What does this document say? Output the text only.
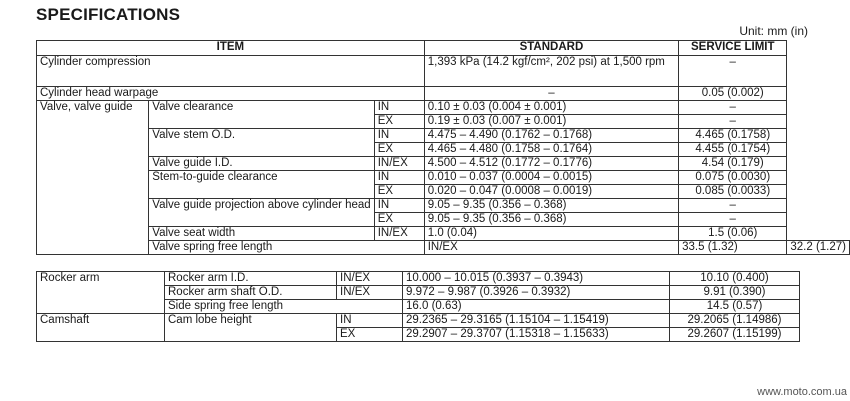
SPECIFICATIONS
Unit: mm (in)
ITEM			STANDARD	SERVICE LIMIT	
Cylinder compression			1,393 kPa (14.2 kgf/cm², 202 psi) at 1,500 rpm	–	
Cylinder head warpage			–	0.05 (0.002)	
Valve, valve guide	Valve clearance	IN	0.10 ± 0.03 (0.004 ± 0.001)	–	
		EX	0.19 ± 0.03 (0.007 ± 0.001)	–	
	Valve stem O.D.	IN	4.475 – 4.490 (0.1762 – 0.1768)	4.465 (0.1758)	
		EX	4.465 – 4.480 (0.1758 – 0.1764)	4.455 (0.1754)	
	Valve guide I.D.	IN/EX	4.500 – 4.512 (0.1772 – 0.1776)	4.54 (0.179)	
	Stem-to-guide clearance	IN	0.010 – 0.037 (0.0004 – 0.0015)	0.075 (0.0030)	
		EX	0.020 – 0.047 (0.0008 – 0.0019)	0.085 (0.0033)	
	Valve guide projection above cylinder head	IN	9.05 – 9.35 (0.356 – 0.368)	–	
		EX	9.05 – 9.35 (0.356 – 0.368)	–	
	Valve seat width	IN/EX	1.0 (0.04)	1.5 (0.06)	
	Valve spring free length		IN/EX	33.5 (1.32)	32.2 (1.27)
Rocker arm	Rocker arm I.D.	IN/EX	10.000 – 10.015 (0.3937 – 0.3943)	10.10 (0.400)
	Rocker arm shaft O.D.	IN/EX	9.972 – 9.987 (0.3926 – 0.3932)	9.91 (0.390)
	Side spring free length		16.0 (0.63)	14.5 (0.57)
Camshaft	Cam lobe height	IN	29.2365 – 29.3165 (1.15104 – 1.15419)	29.2065 (1.14986)
		EX	29.2907 – 29.3707 (1.15318 – 1.15633)	29.2607 (1.15199)
www.moto.com.ua
